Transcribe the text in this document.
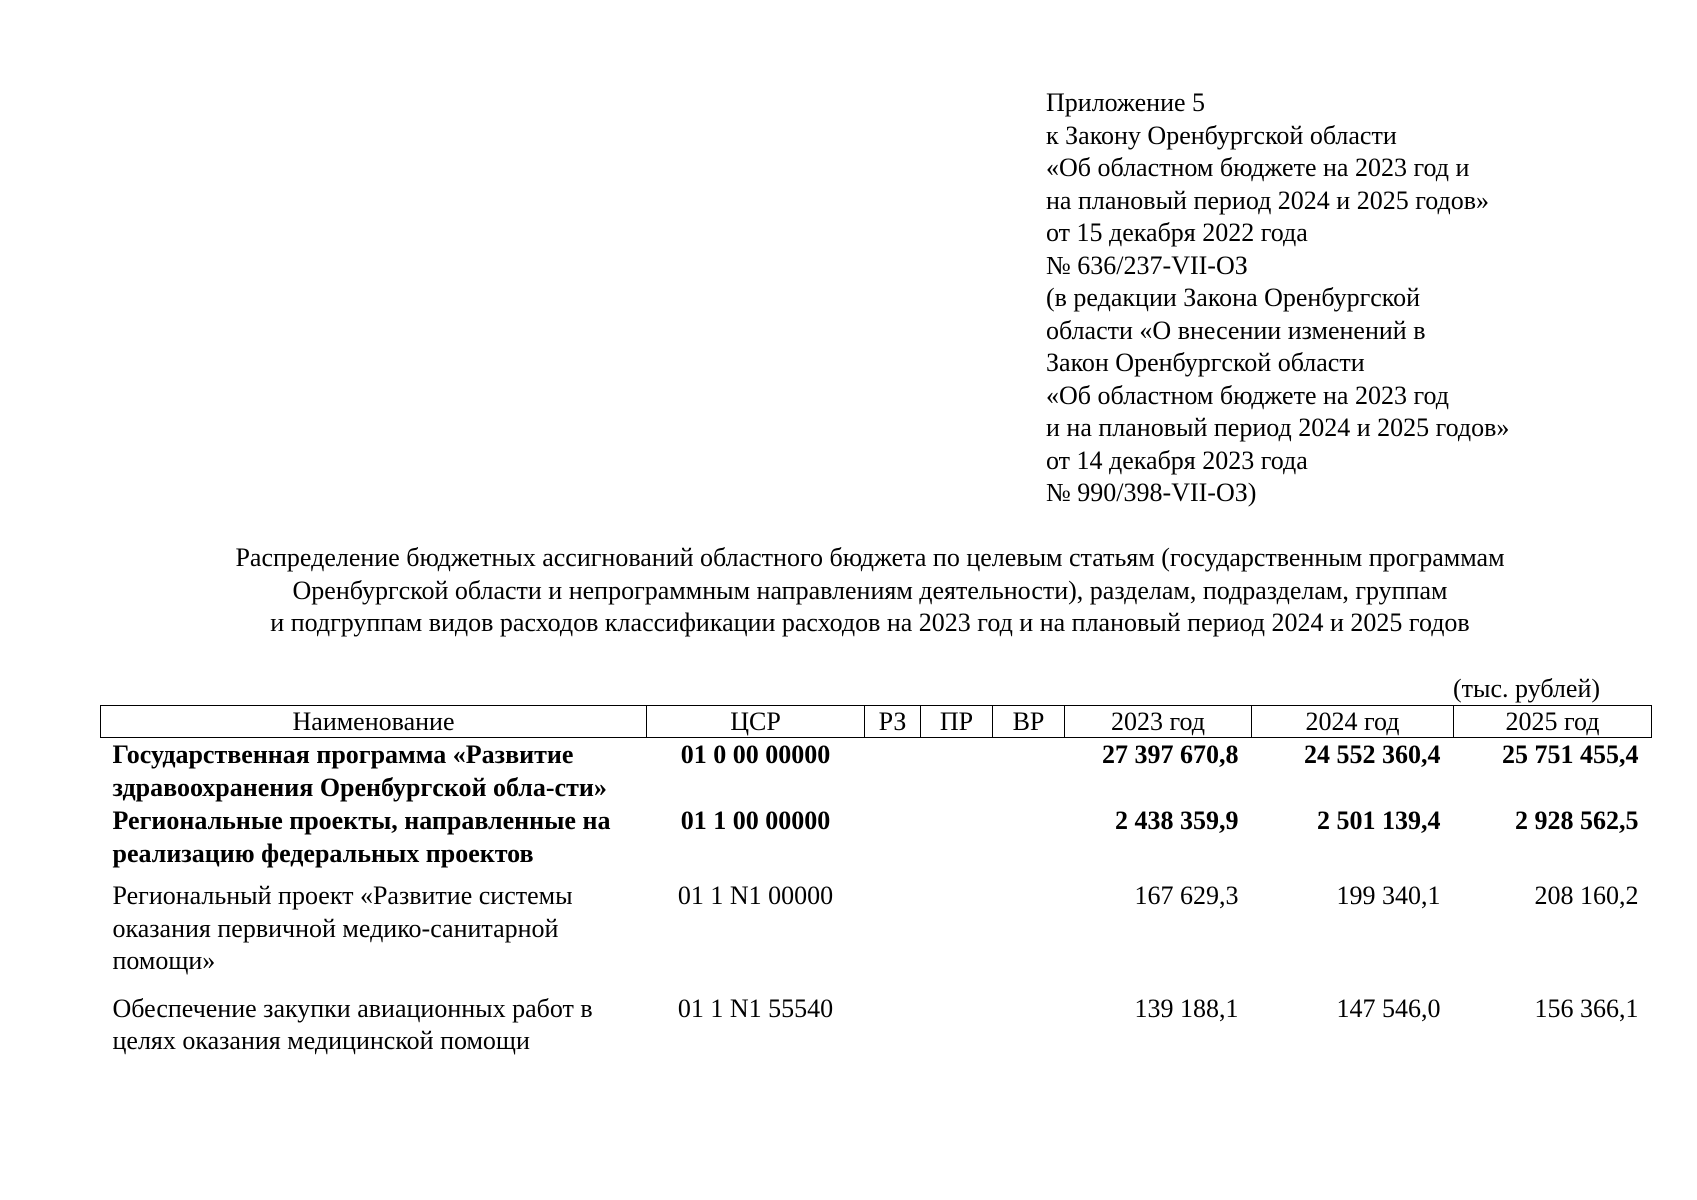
Приложение 5
к Закону Оренбургской области
«Об областном бюджете на 2023 год и
на плановый период 2024 и 2025 годов»
от 15 декабря 2022 года
№ 636/237-VII-ОЗ
(в редакции Закона Оренбургской
области «О внесении изменений в
Закон Оренбургской области
«Об областном бюджете на 2023 год
и на плановый период 2024 и 2025 годов»
от 14 декабря 2023 года
№ 990/398-VII-ОЗ)
Распределение бюджетных ассигнований областного бюджета по целевым статьям (государственным программам
Оренбургской области и непрограммным направлениям деятельности), разделам, подразделам, группам
и подгруппам видов расходов классификации расходов на 2023 год и на плановый период 2024 и 2025 годов
(тыс. рублей)
Наименование	ЦСР	РЗ	ПР	ВР	2023 год	2024 год	2025 год
Государственная программа «Развитие здравоохранения Оренбургской обла-сти»	01 0 00 00000				27 397 670,8	24 552 360,4	25 751 455,4
Региональные проекты, направленные на реализацию федеральных проектов	01 1 00 00000				2 438 359,9	2 501 139,4	2 928 562,5
Региональный проект «Развитие системы оказания первичной медико-санитарной помощи»	01 1 N1 00000				167 629,3	199 340,1	208 160,2
Обеспечение закупки авиационных работ в целях оказания медицинской помощи	01 1 N1 55540				139 188,1	147 546,0	156 366,1
